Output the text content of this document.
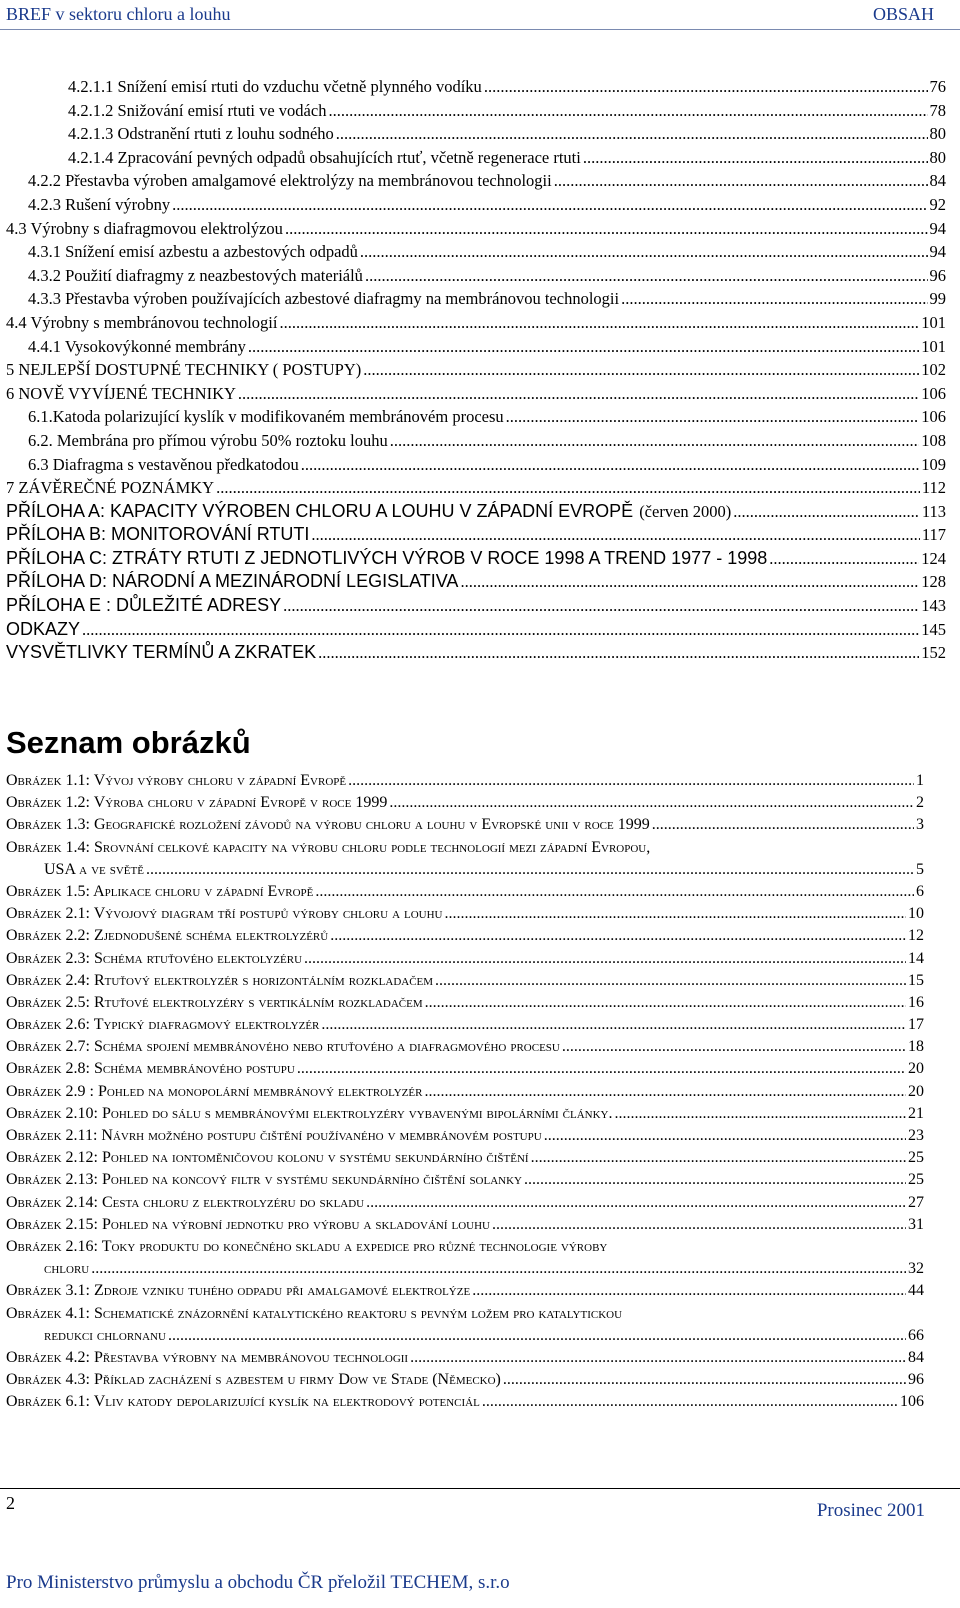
BREF v sektoru chloru a louhu	OBSAH
4.2.1.1 Snížení emisí rtuti do vzduchu včetně plynného vodíku .....	76
4.2.1.2 Snižování emisí rtuti ve vodách .....	78
4.2.1.3 Odstranění rtuti z louhu sodného .....	80
4.2.1.4 Zpracování pevných odpadů obsahujících rtuť, včetně regenerace rtuti .....	80
4.2.2 Přestavba výroben amalgamové elektrolýzy na membránovou technologii .....	84
4.2.3 Rušení výrobny .....	92
4.3 Výrobny s diafragmovou elektrolýzou .....	94
4.3.1 Snížení emisí azbestu a azbestových odpadů .....	94
4.3.2 Použití diafragmy z neazbestových materiálů .....	96
4.3.3 Přestavba výroben používajících azbestové diafragmy na membránovou technologii .....	99
4.4 Výrobny s membránovou technologií .....	101
4.4.1 Vysokovýkonné membrány .....	101
5 NEJLEPŠÍ DOSTUPNÉ TECHNIKY ( POSTUPY) .....	102
6 NOVĚ VYVÍJENÉ TECHNIKY .....	106
6.1.Katoda polarizující kyslík v modifikovaném membránovém procesu .....	106
6.2. Membrána pro přímou výrobu 50% roztoku louhu .....	108
6.3 Diafragma s vestavěnou předkatodou .....	109
7 ZÁVĚREČNÉ POZNÁMKY .....	112
PŘÍLOHA A: KAPACITY VÝROBEN CHLORU A LOUHU V ZÁPADNÍ EVROPĚ (červen 2000) .....	113
PŘÍLOHA B: MONITOROVÁNÍ RTUTI .....	117
PŘÍLOHA C: ZTRÁTY RTUTI Z JEDNOTLIVÝCH VÝROB V ROCE 1998 A TREND 1977 - 1998 .....	124
PŘÍLOHA D: NÁRODNÍ A MEZINÁRODNÍ LEGISLATIVA .....	128
PŘÍLOHA E : DŮLEŽITÉ ADRESY .....	143
ODKAZY .....	145
VYSVĚTLIVKY TERMÍNŮ A ZKRATEK .....	152
Seznam obrázků
Obrázek 1.1: Vývoj výroby chloru v západní Evropě .....	1
Obrázek 1.2: Výroba chloru v západní Evropě v roce 1999 .....	2
Obrázek 1.3: Geografické rozložení závodů na výrobu chloru a louhu v Evropské unii v roce 1999 .....	3
Obrázek 1.4: Srovnání celkové kapacity na výrobu chloru podle technologií mezi západní Evropou,
USA a ve světě .....	5
Obrázek 1.5: Aplikace chloru v západní Evropě .....	6
Obrázek 2.1: Vývojový diagram tří postupů výroby chloru a louhu .....	10
Obrázek 2.2: Zjednodušené schéma elektrolyzérů .....	12
Obrázek 2.3: Schéma rtuťového elektolyzéru .....	14
Obrázek 2.4: Rtuťový elektrolyzér s horizontálním rozkladačem .....	15
Obrázek 2.5: Rtuťové elektrolyzéry s vertikálním rozkladačem .....	16
Obrázek 2.6: Typický diafragmový elektrolyzér .....	17
Obrázek 2.7: Schéma spojení membránového nebo rtuťového a diafragmového procesu .....	18
Obrázek 2.8: Schéma membránového postupu .....	20
Obrázek 2.9 : Pohled na monopolární membránový elektrolyzér .....	20
Obrázek 2.10: Pohled do sálu s membránovými elektrolyzéry vybavenými bipolárními články. .....	21
Obrázek 2.11: Návrh možného postupu čištění používaného v membránovém postupu .....	23
Obrázek 2.12: Pohled na iontoměničovou kolonu v systému sekundárního čištění .....	25
Obrázek 2.13: Pohled na koncový filtr v systému sekundárního čištění solanky .....	25
Obrázek 2.14: Cesta chloru z elektrolyzéru do skladu .....	27
Obrázek 2.15: Pohled na výrobní jednotku pro výrobu a skladování louhu .....	31
Obrázek 2.16: Toky produktu do konečného skladu a expedice pro různé technologie výroby
chloru .....	32
Obrázek 3.1: Zdroje vzniku tuhého odpadu při amalgamové elektrolýze .....	44
Obrázek 4.1: Schematické znázornění katalytického reaktoru s pevným ložem pro katalytickou
redukci chlornanu .....	66
Obrázek 4.2: Přestavba výrobny na membránovou technologii .....	84
Obrázek 4.3: Příklad zacházení s azbestem u firmy Dow ve Stade (Německo) .....	96
Obrázek 6.1: Vliv katody depolarizující kyslík na elektrodový potenciál .....	106
2	Prosinec 2001
Pro Ministerstvo průmyslu a obchodu ČR přeložil TECHEM, s.r.o
